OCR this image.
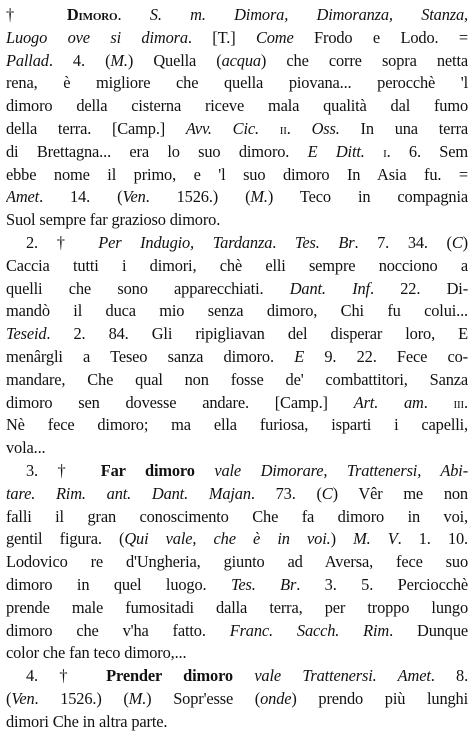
† Dimoro. S. m. Dimora, Dimoranza, Stanza,
Luogo ove si dimora. [T.] Come Frodo e Lodo. =
Pallad. 4. (M.) Quella (acqua) che corre sopra netta
rena, è migliore che quella piovana... perocchè 'l
dimoro della cisterna riceve mala qualità dal fumo
della terra. [Camp.] Avv. Cic. ii. Oss. In una terra
di Brettagna... era lo suo dimoro. E Ditt. i. 6. Sem
ebbe nome il primo, e 'l suo dimoro In Asia fu. =
Amet. 14. (Ven. 1526.) (M.) Teco in compagnia
Suol sempre far grazioso dimoro.
2. † Per Indugio, Tardanza. Tes. Br. 7. 34. (C)
Caccia tutti i dimori, chè elli sempre nocciono a
quelli che sono apparecchiati. Dant. Inf. 22. Di-
mandò il duca mio senza dimoro, Chi fu colui...
Teseid. 2. 84. Gli ripigliavan del disperar loro, E
menârgli a Teseo sanza dimoro. E 9. 22. Fece co-
mandare, Che qual non fosse de' combattitori, Sanza
dimoro sen dovesse andare. [Camp.] Art. am. iii.
Nè fece dimoro; ma ella furiosa, isparti i capelli,
vola...
3. † Far dimoro vale Dimorare, Trattenersi, Abi-
tare. Rim. ant. Dant. Majan. 73. (C) Vêr me non
falli il gran conoscimento Che fa dimoro in voi,
gentil figura. (Qui vale, che è in voi.) M. V. 1. 10.
Lodovico re d'Ungheria, giunto ad Aversa, fece suo
dimoro in quel luogo. Tes. Br. 3. 5. Perciocchè
prende male fumositadi dalla terra, per troppo lungo
dimoro che v'ha fatto. Franc. Sacch. Rim. Dunque
color che fan teco dimoro,...
4. † Prender dimoro vale Trattenersi. Amet. 8.
(Ven. 1526.) (M.) Sopr'esse (onde) prendo più lunghi
dimori Che in altra parte.
